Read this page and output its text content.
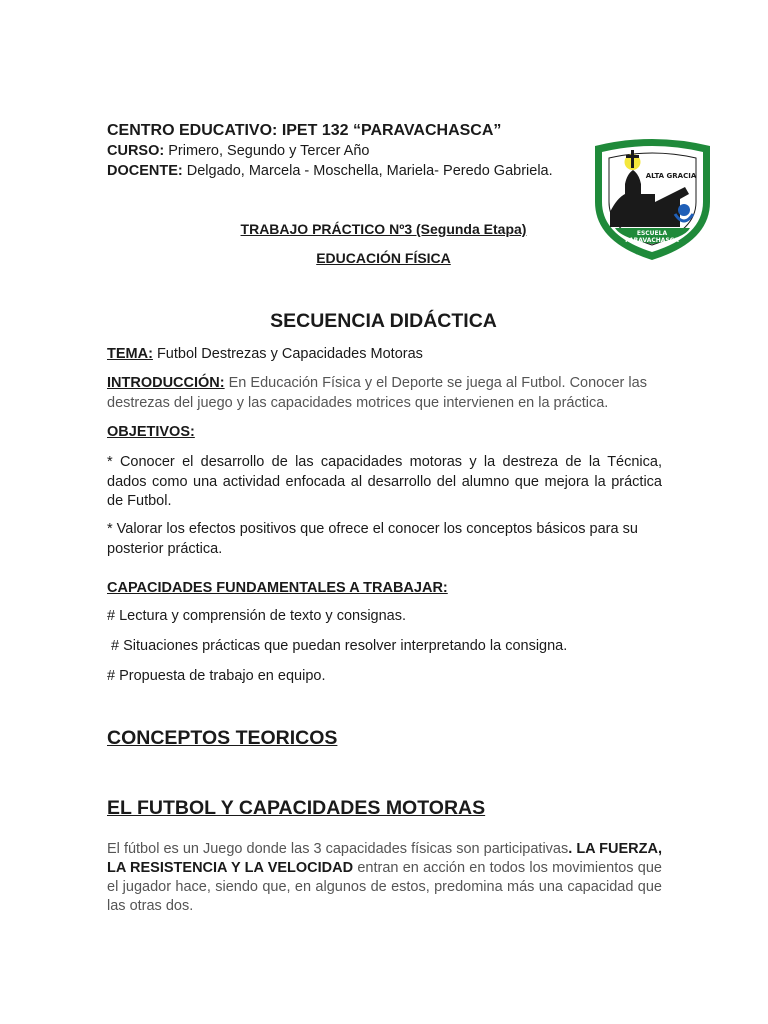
CENTRO EDUCATIVO: IPET 132 “PARAVACHASCA”
CURSO: Primero, Segundo y Tercer Año
DOCENTE: Delgado, Marcela - Moschella, Mariela- Peredo Gabriela.	ALTA GRACIA
ESCUELA
PARAVACHASCA
TRABAJO PRÁCTICO Nº3 (Segunda Etapa)
EDUCACIÓN FÍSICA
SECUENCIA DIDÁCTICA
TEMA: Futbol Destrezas y Capacidades Motoras
INTRODUCCIÓN: En Educación Física y el Deporte se juega al Futbol. Conocer las destrezas del juego y las capacidades motrices que intervienen en la práctica.
OBJETIVOS:
* Conocer el desarrollo de las capacidades motoras y la destreza de la Técnica, dados como una actividad enfocada al desarrollo del alumno que mejora la práctica de Futbol.
* Valorar los efectos positivos que ofrece el conocer los conceptos básicos para su posterior práctica.
CAPACIDADES FUNDAMENTALES A TRABAJAR:
# Lectura y comprensión de texto y consignas.
# Situaciones prácticas que puedan resolver interpretando la consigna.
# Propuesta de trabajo en equipo.
CONCEPTOS TEORICOS
EL FUTBOL Y CAPACIDADES MOTORAS
El fútbol es un Juego donde las 3 capacidades físicas son participativas. LA FUERZA, LA RESISTENCIA Y LA VELOCIDAD entran en acción en todos los movimientos que el jugador hace, siendo que, en algunos de estos, predomina más una capacidad que las otras dos.
